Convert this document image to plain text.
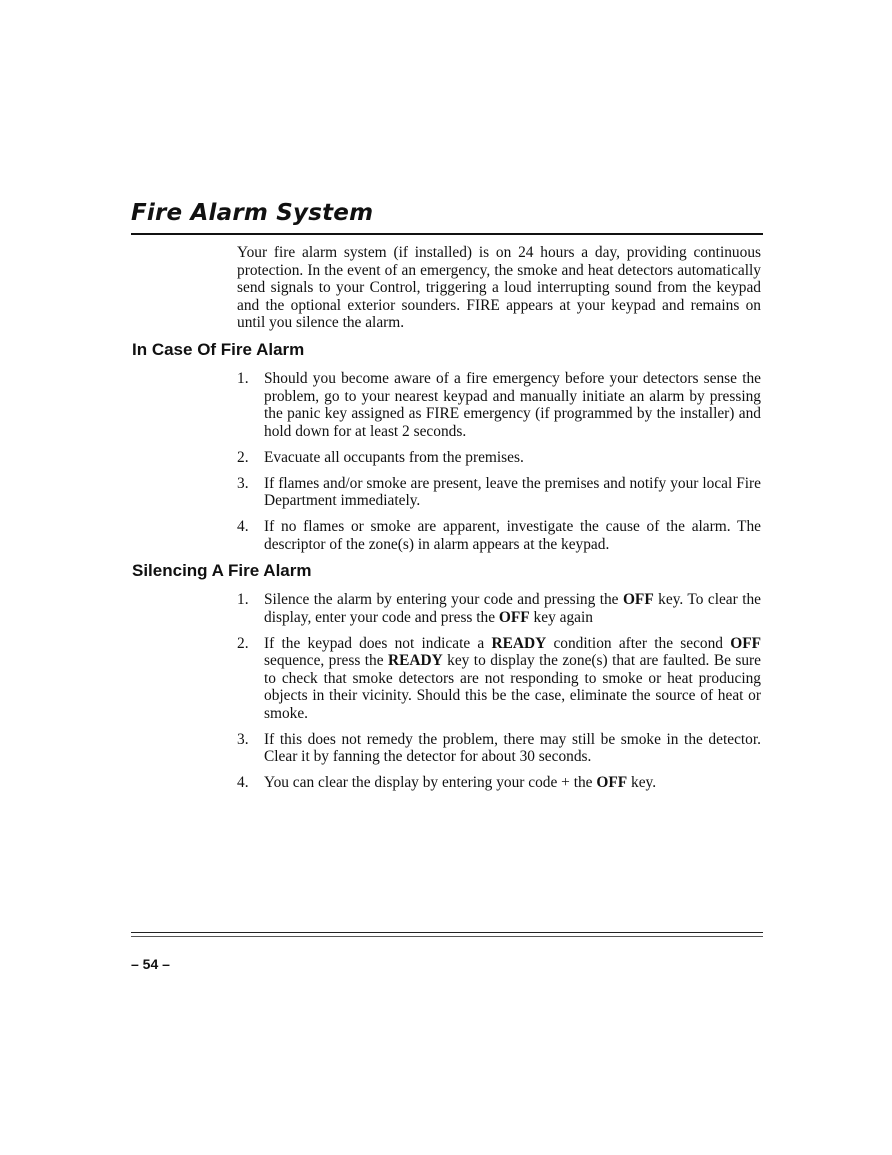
Fire Alarm System

Your fire alarm system (if installed) is on 24 hours a day, providing continuous protection. In the event of an emergency, the smoke and heat detectors automatically send signals to your Control, triggering a loud interrupting sound from the keypad and the optional exterior sounders. FIRE appears at your keypad and remains on until you silence the alarm.

In Case Of Fire Alarm
1. Should you become aware of a fire emergency before your detectors sense the problem, go to your nearest keypad and manually initiate an alarm by pressing the panic key assigned as FIRE emergency (if programmed by the installer) and hold down for at least 2 seconds.
2. Evacuate all occupants from the premises.
3. If flames and/or smoke are present, leave the premises and notify your local Fire Department immediately.
4. If no flames or smoke are apparent, investigate the cause of the alarm. The descriptor of the zone(s) in alarm appears at the keypad.
Silencing A Fire Alarm
1. Silence the alarm by entering your code and pressing the OFF key. To clear the display, enter your code and press the OFF key again
2. If the keypad does not indicate a READY condition after the second OFF sequence, press the READY key to display the zone(s) that are faulted. Be sure to check that smoke detectors are not responding to smoke or heat producing objects in their vicinity. Should this be the case, eliminate the source of heat or smoke.
3. If this does not remedy the problem, there may still be smoke in the detector. Clear it by fanning the detector for about 30 seconds.
4. You can clear the display by entering your code + the OFF key.

– 54 –
